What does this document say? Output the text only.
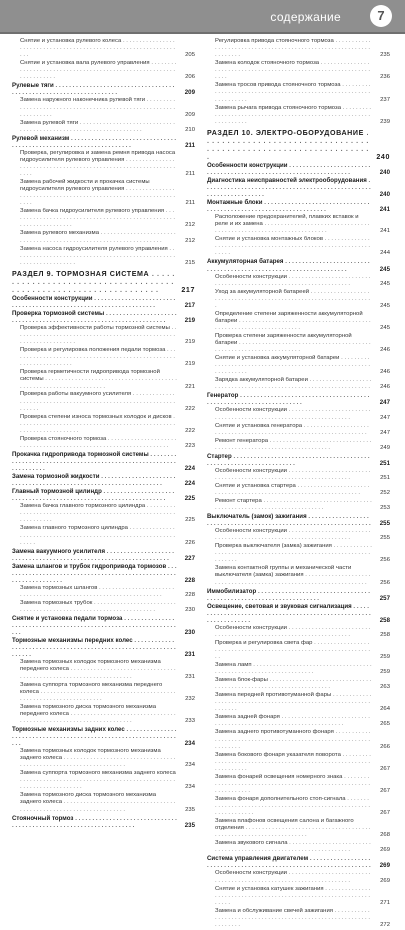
содержание	7
Снятие и установка рулевого колеса . . .
205
Снятие и установка вала рулевого управления . . .
206
Рулевые тяги . . .
209
Замена наружного наконечника рулевой тяги . . .
209
Замена рулевой тяги . . .
210
Рулевой механизм . . .
211
Проверка, регулировка и замена ремня привода насоса гидроусилителя рулевого управления . . .
211
Замена рабочей жидкости и прокачка системы гидроусилителя рулевого управления . . .
211
Замена бачка гидроусилителя рулевого управления . . .
212
Замена рулевого механизма . . .
212
Замена насоса гидроусилителя рулевого управления . . .
215
РАЗДЕЛ 9. ТОРМОЗНАЯ СИСТЕМА . . .
217
Особенности конструкции . . .
217
Проверка тормозной системы . . .
219
Проверка эффективности работы тормозной системы . . .
219
Проверка и регулировка положения педали тормоза . . .
219
Проверка герметичности гидропривода тормозной системы . . .
221
Проверка работы вакуумного усилителя . . .
222
Проверка степени износа тормозных колодок и дисков . . .
222
Проверка стояночного тормоза . . .
223
Прокачка гидропривода тормозной системы . . .
224
Замена тормозной жидкости . . .
224
Главный тормозной цилиндр . . .
225
Замена бачка главного тормозного цилиндра . . .
225
Замена главного тормозного цилиндра . . .
226
Замена вакуумного усилителя . . .
227
Замена шлангов и трубок гидропривода тормозов . . .
228
Замена тормозных шлангов . . .
228
Замена тормозных трубок . . .
230
Снятие и установка педали тормоза . . .
230
Тормозные механизмы передних колес . . .
231
Замена тормозных колодок тормозного механизма переднего колеса . . .
231
Замена суппорта тормозного механизма переднего колеса . . .
232
Замена тормозного диска тормозного механизма переднего колеса . . .
233
Тормозные механизмы задних колес . . .
234
Замена тормозных колодок тормозного механизма заднего колеса . . .
234
Замена суппорта тормозного механизма заднего колеса . . .
234
Замена тормозного диска тормозного механизма заднего колеса . . .
235
Стояночный тормоз . . .
235
Регулировка привода стояночного тормоза . . .
235
Замена колодок стояночного тормоза . . .
236
Замена тросов привода стояночного тормоза . . .
237
Замена рычага привода стояночного тормоза . . .
239
РАЗДЕЛ 10. ЭЛЕКТРО-ОБОРУДОВАНИЕ . . .
240
Особенности конструкции . . .
240
Диагностика неисправностей электрооборудования . . .
240
Монтажные блоки . . .
241
Расположение предохранителей, плавких вставок и реле и их замена . . .
241
Снятие и установка монтажных блоков . . .
244
Аккумуляторная батарея . . .
245
Особенности конструкции . . .
245
Уход за аккумуляторной батареей . . .
245
Определение степени заряженности аккумуляторной батареи . . .
245
Проверка степени заряженности аккумуляторной батареи . . .
246
Снятие и установка аккумуляторной батареи . . .
246
Зарядка аккумуляторной батареи . . .
246
Генератор . . .
247
Особенности конструкции . . .
247
Снятие и установка генератора . . .
247
Ремонт генератора . . .
249
Стартер . . .
251
Особенности конструкции . . .
251
Снятие и установка стартера . . .
252
Ремонт стартера . . .
253
Выключатель (замок) зажигания . . .
255
Особенности конструкции . . .
255
Проверка выключателя (замка) зажигания . . .
256
Замена контактной группы и механической части выключателя (замка) зажигания . . .
256
Иммобилизатор . . .
257
Освещение, световая и звуковая сигнализация . . .
258
Особенности конструкции . . .
258
Проверка и регулировка света фар . . .
259
Замена ламп . . .
259
Замена блок-фары . . .
263
Замена передней противотуманной фары . . .
264
Замена задней фонаря . . .
265
Замена заднего противотуманного фонаря . . .
266
Замена бокового фонаря указателя поворота . . .
267
Замена фонарей освещения номерного знака . . .
267
Замена фонаря дополнительного стоп-сигнала . . .
267
Замена плафонов освещения салона и багажного отделения . . .
268
Замена звукового сигнала . . .
269
Система управления двигателем . . .
269
Особенности конструкции . . .
269
Снятие и установка катушек зажигания . . .
271
Замена и обслуживание свечей зажигания . . .
272
